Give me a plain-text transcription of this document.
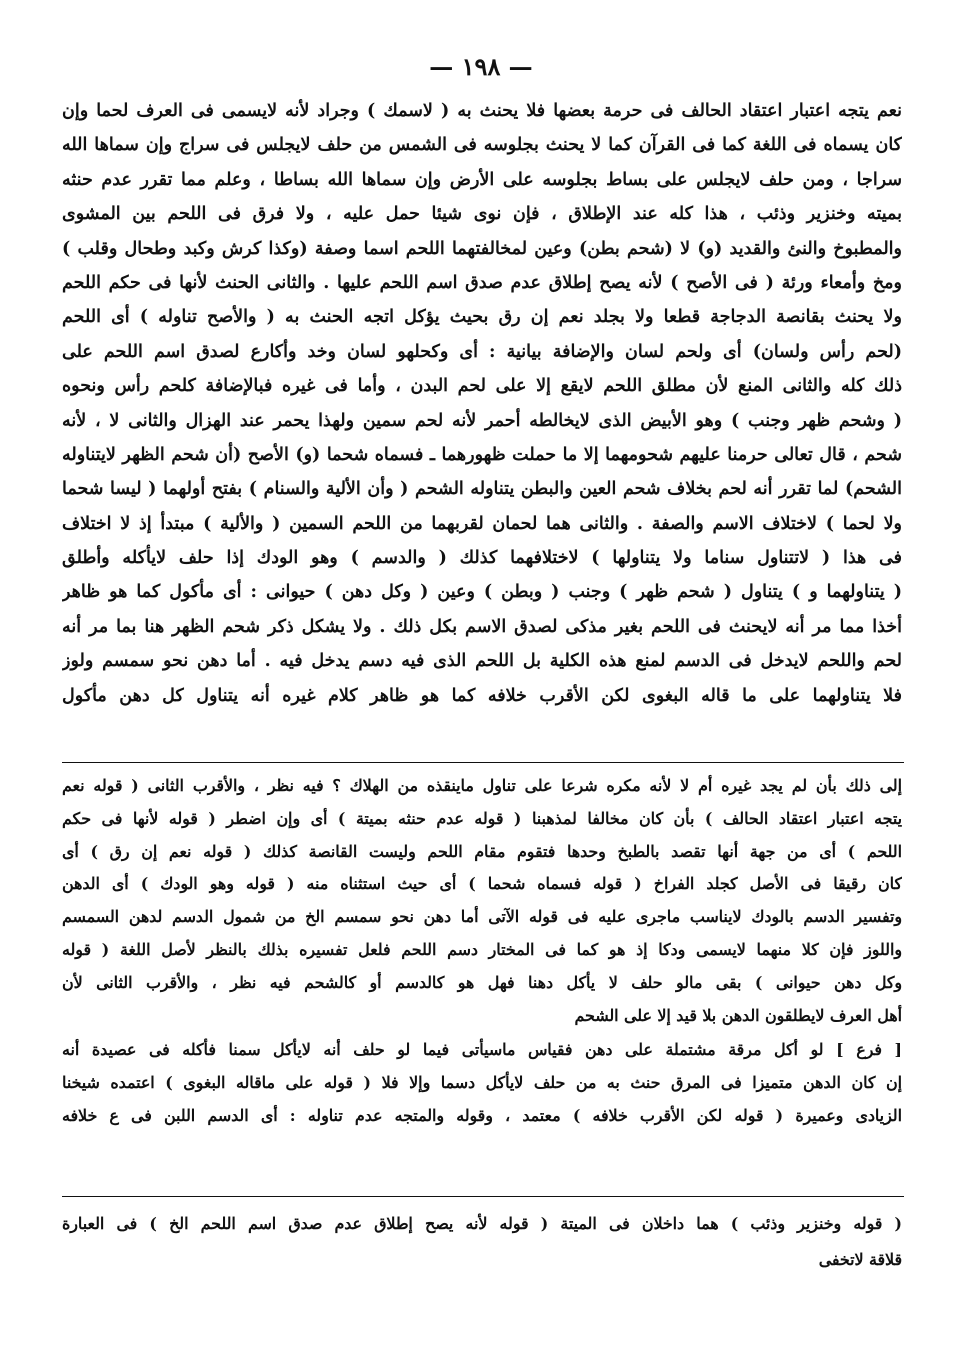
— ١٩٨ —
نعم يتجه اعتبار اعتقاد الحالف فى حرمة بعضها فلا يحنث به ( لاسمك ) وجراد لأنه لايسمى فى العرف لحما وإن
كان يسماه فى اللغة كما فى القرآن كما لا يحنث بجلوسه فى الشمس من حلف لايجلس فى سراج وإن سماها الله
سراجا ، ومن حلف لايجلس على بساط بجلوسه على الأرض وإن سماها الله بساطا ، وعلم مما تقرر عدم حنثه
بميته وخنزير وذئب ، هذا كله عند الإطلاق ، فإن نوى شيئا حمل عليه ، ولا فرق فى اللحم بين المشوى
والمطبوخ والنئ والقديد (و) لا (شحم بطن) وعين لمخالفتهما اللحم اسما وصفة (وكذا كرش وكبد وطحال وقلب )
ومخ وأمعاء ورئة ( فى الأصح ) لأنه يصح إطلاق عدم صدق اسم اللحم عليها . والثانى الحنث لأنها فى حكم اللحم
ولا يحنث بقانصة الدجاجة قطعا ولا بجلد نعم إن رق بحيث يؤكل اتجه الحنث به ( والأصح تناوله ) أى اللحم
(لحم رأس ولسان) أى ولحم لسان والإضافة بيانية : أى وكحلهو لسان وخد وأكارع لصدق اسم اللحم على
ذلك كله والثانى المنع لأن مطلق اللحم لايقع إلا على لحم البدن ، وأما فى غيره فبالإضافة كلحم رأس ونحوه
( وشحم ظهر وجنب ) وهو الأبيض الذى لايخالطه أحمر لأنه لحم سمين ولهذا يحمر عند الهزال والثانى لا ، لأنه
شحم ، قال تعالى حرمنا عليهم شحومهما إلا ما حملت ظهورهما ـ فسماه شحما (و) الأصح (أن شحم الظهر لايتناوله
الشحم) لما تقرر أنه لحم بخلاف شحم العين والبطن يتناوله الشحم ( وأن الألية والسنام ) بفتح أولهما ( ليسا شحما
ولا لحما ) لاختلاف الاسم والصفة . والثانى هما لحمان لقربهما من اللحم السمين ( والألية ) مبتدأ إذ لا اختلاف
فى هذا ( لاتتناول سناما ولا يتناولها ) لاختلافهما كذلك ( والدسم ) وهو الودك إذا حلف لايأكله وأطلق
( يتناولهما و ) يتناول ( شحم ظهر ) وجنب ( وبطن ) وعين ( وكل دهن ) حيوانى : أى مأكول كما هو ظاهر
أخذا مما مر أنه لايحنث فى اللحم بغير مذكى لصدق الاسم بكل ذلك . ولا يشكل ذكر شحم الظهر هنا بما مر أنه
لحم واللحم لايدخل فى الدسم لمنع هذه الكلية بل اللحم الذى فيه دسم يدخل فيه . أما دهن نحو سمسم ولوز
فلا يتناولهما على ما قاله البغوى لكن الأقرب خلافه كما هو ظاهر كلام غيره أنه يتناول كل دهن مأكول
إلى ذلك بأن لم يجد غيره أم لا لأنه مكره شرعا على تناول ماينقذه من الهلاك ؟ فيه نظر ، والأقرب الثانى ( قوله نعم
يتجه اعتبار اعتقاد الحالف ) بأن كان مخالفا لمذهبنا ( قوله عدم حنثه بميتة ) أى وإن اضطر ( قوله لأنها فى حكم
اللحم ) أى من جهة أنها تقصد بالطبخ وحدها فتقوم مقام اللحم وليست القانصة كذلك ( قوله نعم إن رق ) أى
كان رقيقا فى الأصل كجلد الفراخ ( قوله فسماه شحما ) أى حيث استثناه منه ( قوله وهو الودك ) أى الدهن
وتفسير الدسم بالودك لايناسب ماجرى عليه فى قوله الآتى أما دهن نحو سمسم الخ من شمول الدسم لدهن السمسم
واللوز فإن كلا منهما لايسمى ودكا إذ هو كما فى المختار دسم اللحم فلعل تفسيره بذلك بالنظر لأصل اللغة ( قوله
وكل دهن حيوانى ) بقى مالو حلف لا يأكل دهنا فهل هو كالدسم أو كالشحم فيه نظر ، والأقرب الثانى لأن
أهل العرف لايطلقون الدهن بلا قيد إلا على الشحم
[ فرع ] لو أكل مرقة مشتملة على دهن فقياس ماسيأتى فيما لو حلف أنه لايأكل سمنا فأكله فى عصيدة أنه
إن كان الدهن متميزا فى المرق حنث به من حلف لايأكل دسما وإلا فلا ( قوله على ماقاله البغوى ) اعتمده شيخنا
الزيادى وعميرة ( قوله لكن الأقرب خلافه ) معتمد ، وقوله والمتجه عدم تناوله : أى الدسم اللبن فى ع خلافه
( قوله وخنزير وذئب ) هما داخلان فى الميتة ( قوله لأنه يصح إطلاق عدم صدق اسم اللحم الخ ) فى العبارة
قلاقة لاتخفى
